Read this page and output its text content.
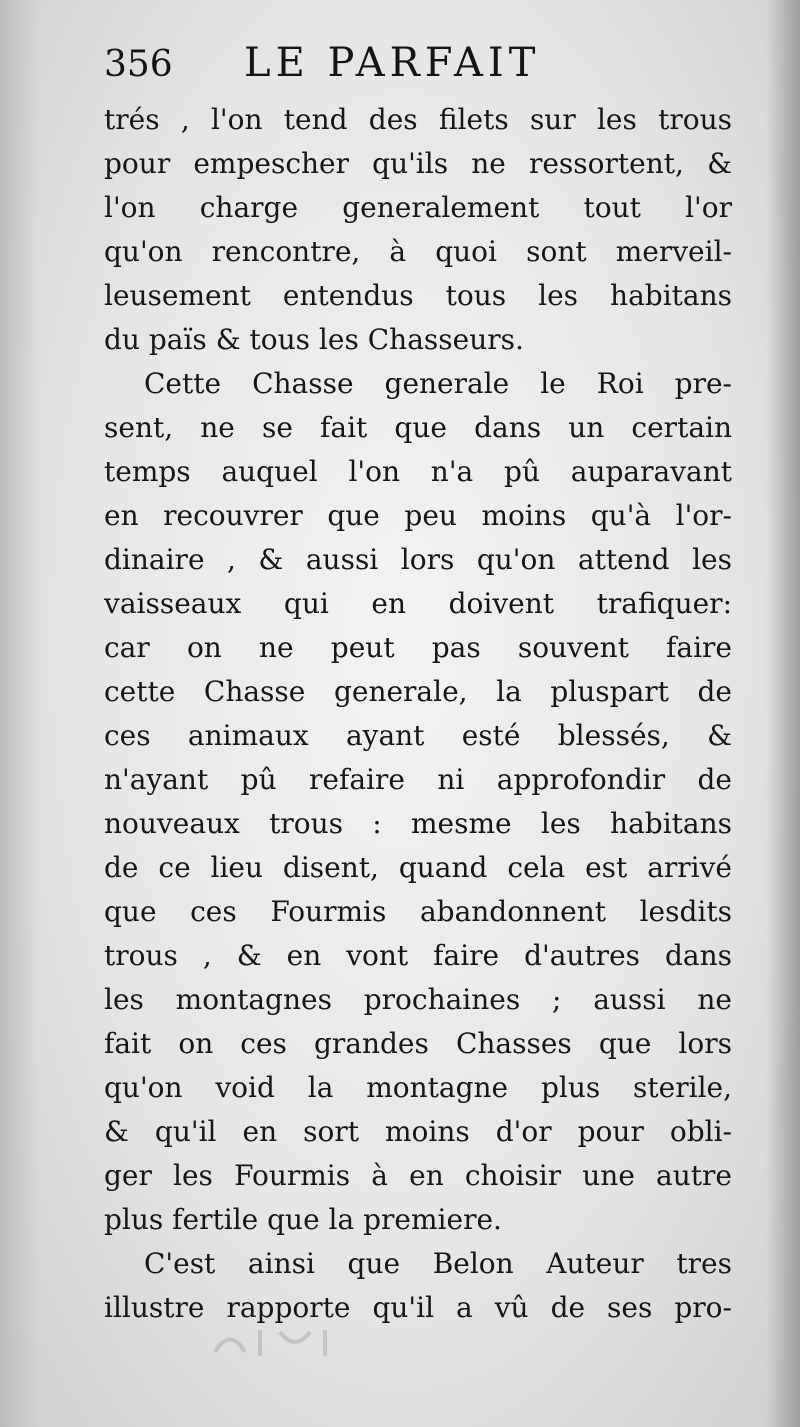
356 LE PARFAIT
trés , l'on tend des filets sur les trous
pour empescher qu'ils ne ressortent, &
l'on charge generalement tout l'or
qu'on rencontre, à quoi sont merveil-
leusement entendus tous les habitans
du païs & tous les Chasseurs.
Cette Chasse generale le Roi pre-
sent, ne se fait que dans un certain
temps auquel l'on n'a pû auparavant
en recouvrer que peu moins qu'à l'or-
dinaire , & aussi lors qu'on attend les
vaisseaux qui en doivent trafiquer:
car on ne peut pas souvent faire
cette Chasse generale, la pluspart de
ces animaux ayant esté blessés, &
n'ayant pû refaire ni approfondir de
nouveaux trous : mesme les habitans
de ce lieu disent, quand cela est arrivé
que ces Fourmis abandonnent lesdits
trous , & en vont faire d'autres dans
les montagnes prochaines ; aussi ne
fait on ces grandes Chasses que lors
qu'on void la montagne plus sterile,
& qu'il en sort moins d'or pour obli-
ger les Fourmis à en choisir une autre
plus fertile que la premiere.
C'est ainsi que Belon Auteur tres
illustre rapporte qu'il a vû de ses pro-
